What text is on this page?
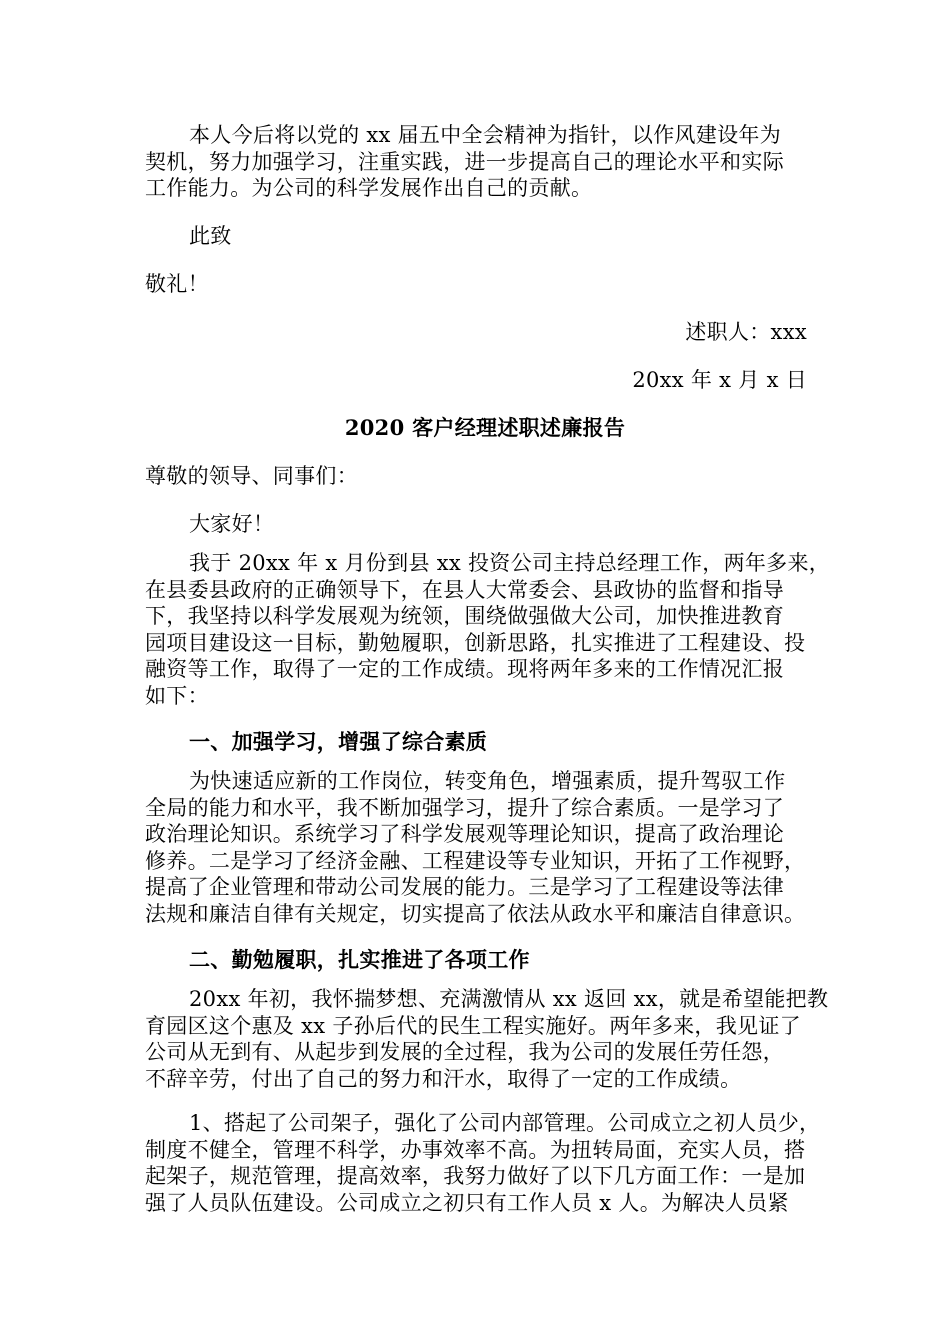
本人今后将以党的 xx 届五中全会精神为指针，以作风建设年为
契机，努力加强学习，注重实践，进一步提高自己的理论水平和实际
工作能力。为公司的科学发展作出自己的贡献。
此致
敬礼！
述职人：xxx
20xx 年 x 月 x 日
2020 客户经理述职述廉报告
尊敬的领导、同事们：
大家好！
我于 20xx 年 x 月份到县 xx 投资公司主持总经理工作，两年多来，
在县委县政府的正确领导下，在县人大常委会、县政协的监督和指导
下，我坚持以科学发展观为统领，围绕做强做大公司，加快推进教育
园项目建设这一目标，勤勉履职，创新思路，扎实推进了工程建设、投
融资等工作，取得了一定的工作成绩。现将两年多来的工作情况汇报
如下：
一、加强学习，增强了综合素质
为快速适应新的工作岗位，转变角色，增强素质，提升驾驭工作
全局的能力和水平，我不断加强学习，提升了综合素质。一是学习了
政治理论知识。系统学习了科学发展观等理论知识，提高了政治理论
修养。二是学习了经济金融、工程建设等专业知识，开拓了工作视野，
提高了企业管理和带动公司发展的能力。三是学习了工程建设等法律
法规和廉洁自律有关规定，切实提高了依法从政水平和廉洁自律意识。
二、勤勉履职，扎实推进了各项工作
20xx 年初，我怀揣梦想、充满激情从 xx 返回 xx，就是希望能把教
育园区这个惠及 xx 子孙后代的民生工程实施好。两年多来，我见证了
公司从无到有、从起步到发展的全过程，我为公司的发展任劳任怨，
不辞辛劳，付出了自己的努力和汗水，取得了一定的工作成绩。
1、搭起了公司架子，强化了公司内部管理。公司成立之初人员少，
制度不健全，管理不科学，办事效率不高。为扭转局面，充实人员，搭
起架子，规范管理，提高效率，我努力做好了以下几方面工作：一是加
强了人员队伍建设。公司成立之初只有工作人员 x 人。为解决人员紧
